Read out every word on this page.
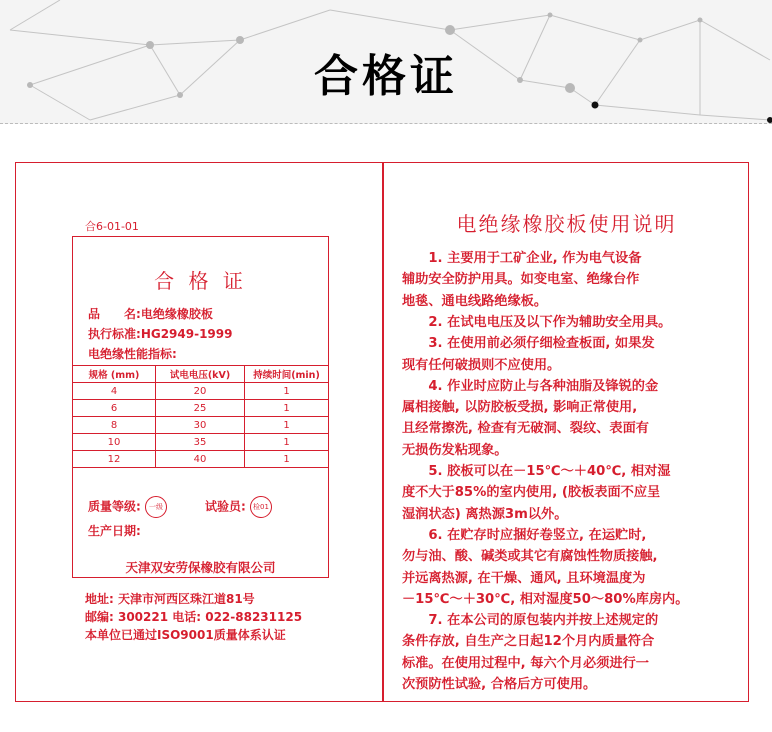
合格证
合6-01-01
合 格 证
品　　名:电绝缘橡胶板
执行标准:HG2949-1999
电绝缘性能指标:
规格 (mm)	试电电压(kV)	持续时间(min)
4	20	1
6	25	1
8	30	1
10	35	1
12	40	1
质量等级: 一级	试验员: 检01
生产日期:
天津双安劳保橡胶有限公司
地址: 天津市河西区珠江道81号
邮编: 300221 电话: 022-88231125
本单位已通过ISO9001质量体系认证
电绝缘橡胶板使用说明
　　1. 主要用于工矿企业, 作为电气设备
辅助安全防护用具。如变电室、绝缘台作
地毯、通电线路绝缘板。
　　2. 在试电电压及以下作为辅助安全用具。
　　3. 在使用前必须仔细检查板面, 如果发
现有任何破损则不应使用。
　　4. 作业时应防止与各种油脂及锋锐的金
属相接触, 以防胶板受损, 影响正常使用,
且经常擦洗, 检查有无破洞、裂纹、表面有
无损伤发粘现象。
　　5. 胶板可以在－15℃～＋40℃, 相对湿
度不大于85%的室内使用, (胶板表面不应呈
湿润状态) 离热源3m以外。
　　6. 在贮存时应捆好卷竖立, 在运贮时,
勿与油、酸、碱类或其它有腐蚀性物质接触,
并远离热源, 在干燥、通风, 且环境温度为
－15℃～＋30℃, 相对湿度50～80%库房内。
　　7. 在本公司的原包装内并按上述规定的
条件存放, 自生产之日起12个月内质量符合
标准。在使用过程中, 每六个月必须进行一
次预防性试验, 合格后方可使用。
